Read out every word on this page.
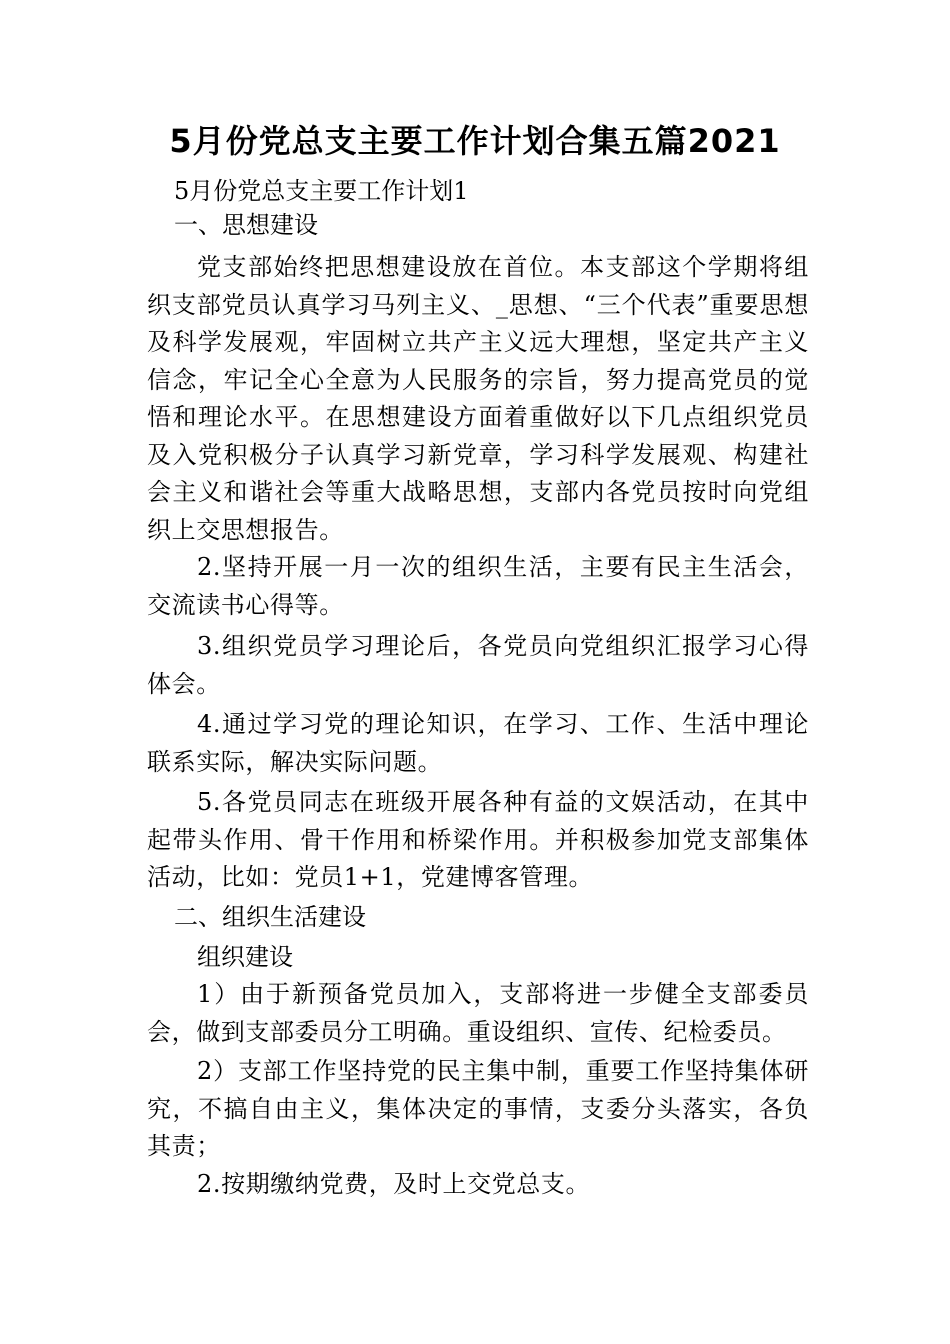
5月份党总支主要工作计划合集五篇2021
5月份党总支主要工作计划1
一、思想建设
党支部始终把思想建设放在首位。本支部这个学期将组织支部党员认真学习马列主义、_思想、“三个代表”重要思想及科学发展观，牢固树立共产主义远大理想，坚定共产主义信念，牢记全心全意为人民服务的宗旨，努力提高党员的觉悟和理论水平。在思想建设方面着重做好以下几点组织党员及入党积极分子认真学习新党章，学习科学发展观、构建社会主义和谐社会等重大战略思想，支部内各党员按时向党组织上交思想报告。
2.坚持开展一月一次的组织生活，主要有民主生活会，交流读书心得等。
3.组织党员学习理论后，各党员向党组织汇报学习心得体会。
4.通过学习党的理论知识，在学习、工作、生活中理论联系实际，解决实际问题。
5.各党员同志在班级开展各种有益的文娱活动，在其中起带头作用、骨干作用和桥梁作用。并积极参加党支部集体活动，比如：党员1+1，党建博客管理。
二、组织生活建设
组织建设
1）由于新预备党员加入，支部将进一步健全支部委员会，做到支部委员分工明确。重设组织、宣传、纪检委员。
2）支部工作坚持党的民主集中制，重要工作坚持集体研究，不搞自由主义，集体决定的事情，支委分头落实，各负其责；
2.按期缴纳党费，及时上交党总支。
